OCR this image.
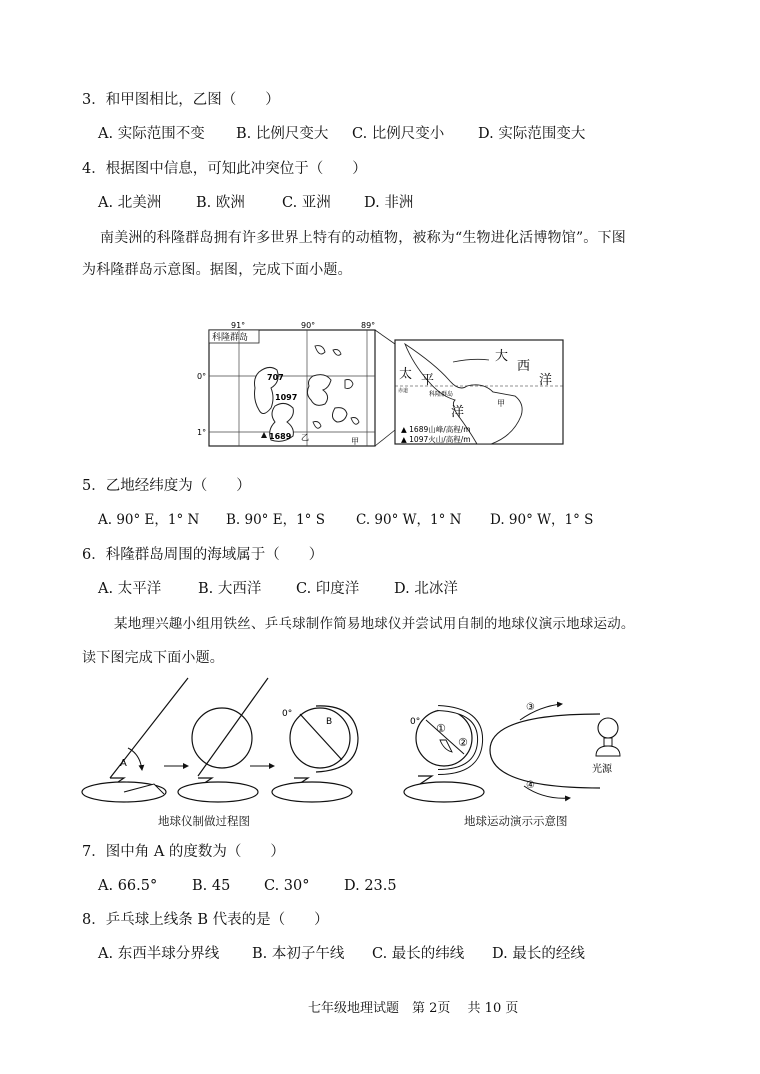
3．和甲图相比，乙图（　　）
A. 实际范围不变 B. 比例尺变大 C. 比例尺变小 D. 实际范围变大
4．根据图中信息，可知此冲突位于（　　）
A. 北美洲 B. 欧洲	C. 亚洲 D. 非洲
南美洲的科隆群岛拥有许多世界上特有的动植物，被称为“生物进化活博物馆”。下图
为科隆群岛示意图。据图，完成下面小题。
科隆群岛
91°	90°	89°
0°
1°
707
1097
1689 乙	甲
大
西
洋
太 平
洋
甲
赤道	科隆群岛
▲ 1689山峰/高程/m
▲ 1097火山/高程/m
5．乙地经纬度为（　　）
A. 90° E，1° N B. 90° E，1° S C. 90° W，1° N D. 90° W，1° S
6．科隆群岛周围的海域属于（　　）
A. 太平洋	B. 大西洋 C. 印度洋 D. 北冰洋
某地理兴趣小组用铁丝、乒乓球制作简易地球仪并尝试用自制的地球仪演示地球运动。
读下图完成下面小题。
A
0°
B	0° ①
②
③
④
光源
地球仪制做过程图	地球运动演示示意图
7．图中角 A 的度数为（　　）
A. 66.5° B. 45 C. 30° D. 23.5
8．乒乓球上线条 B 代表的是（　　）
A. 东西半球分界线 B. 本初子午线 C. 最长的纬线 D. 最长的经线
七年级地理试题　第 2页　 共 10 页
